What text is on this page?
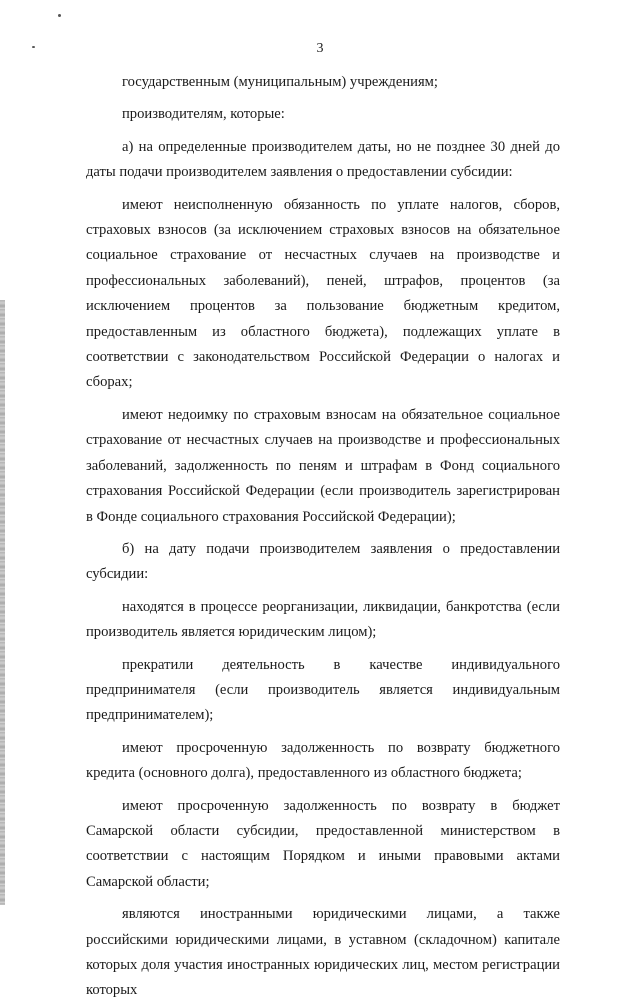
3

государственным (муниципальным) учреждениям;

производителям, которые:

а) на определенные производителем даты, но не позднее 30 дней до даты подачи производителем заявления о предоставлении субсидии:

имеют неисполненную обязанность по уплате налогов, сборов, страховых взносов (за исключением страховых взносов на обязательное социальное страхование от несчастных случаев на производстве и профессиональных заболеваний), пеней, штрафов, процентов (за исключением процентов за пользование бюджетным кредитом, предоставленным из областного бюджета), подлежащих уплате в соответствии с законодательством Российской Федерации о налогах и сборах;

имеют недоимку по страховым взносам на обязательное социальное страхование от несчастных случаев на производстве и профессиональных заболеваний, задолженность по пеням и штрафам в Фонд социального страхования Российской Федерации (если производитель зарегистрирован в Фонде социального страхования Российской Федерации);

б) на дату подачи производителем заявления о предоставлении субсидии:

находятся в процессе реорганизации, ликвидации, банкротства (если производитель является юридическим лицом);

прекратили деятельность в качестве индивидуального предпринимателя (если производитель является индивидуальным предпринимателем);

имеют просроченную задолженность по возврату бюджетного кредита (основного долга), предоставленного из областного бюджета;

имеют просроченную задолженность по возврату в бюджет Самарской области субсидии, предоставленной министерством в соответствии с настоящим Порядком и иными правовыми актами Самарской области;

являются иностранными юридическими лицами, а также российскими юридическими лицами, в уставном (складочном) капитале которых доля участия иностранных юридических лиц, местом регистрации которых
